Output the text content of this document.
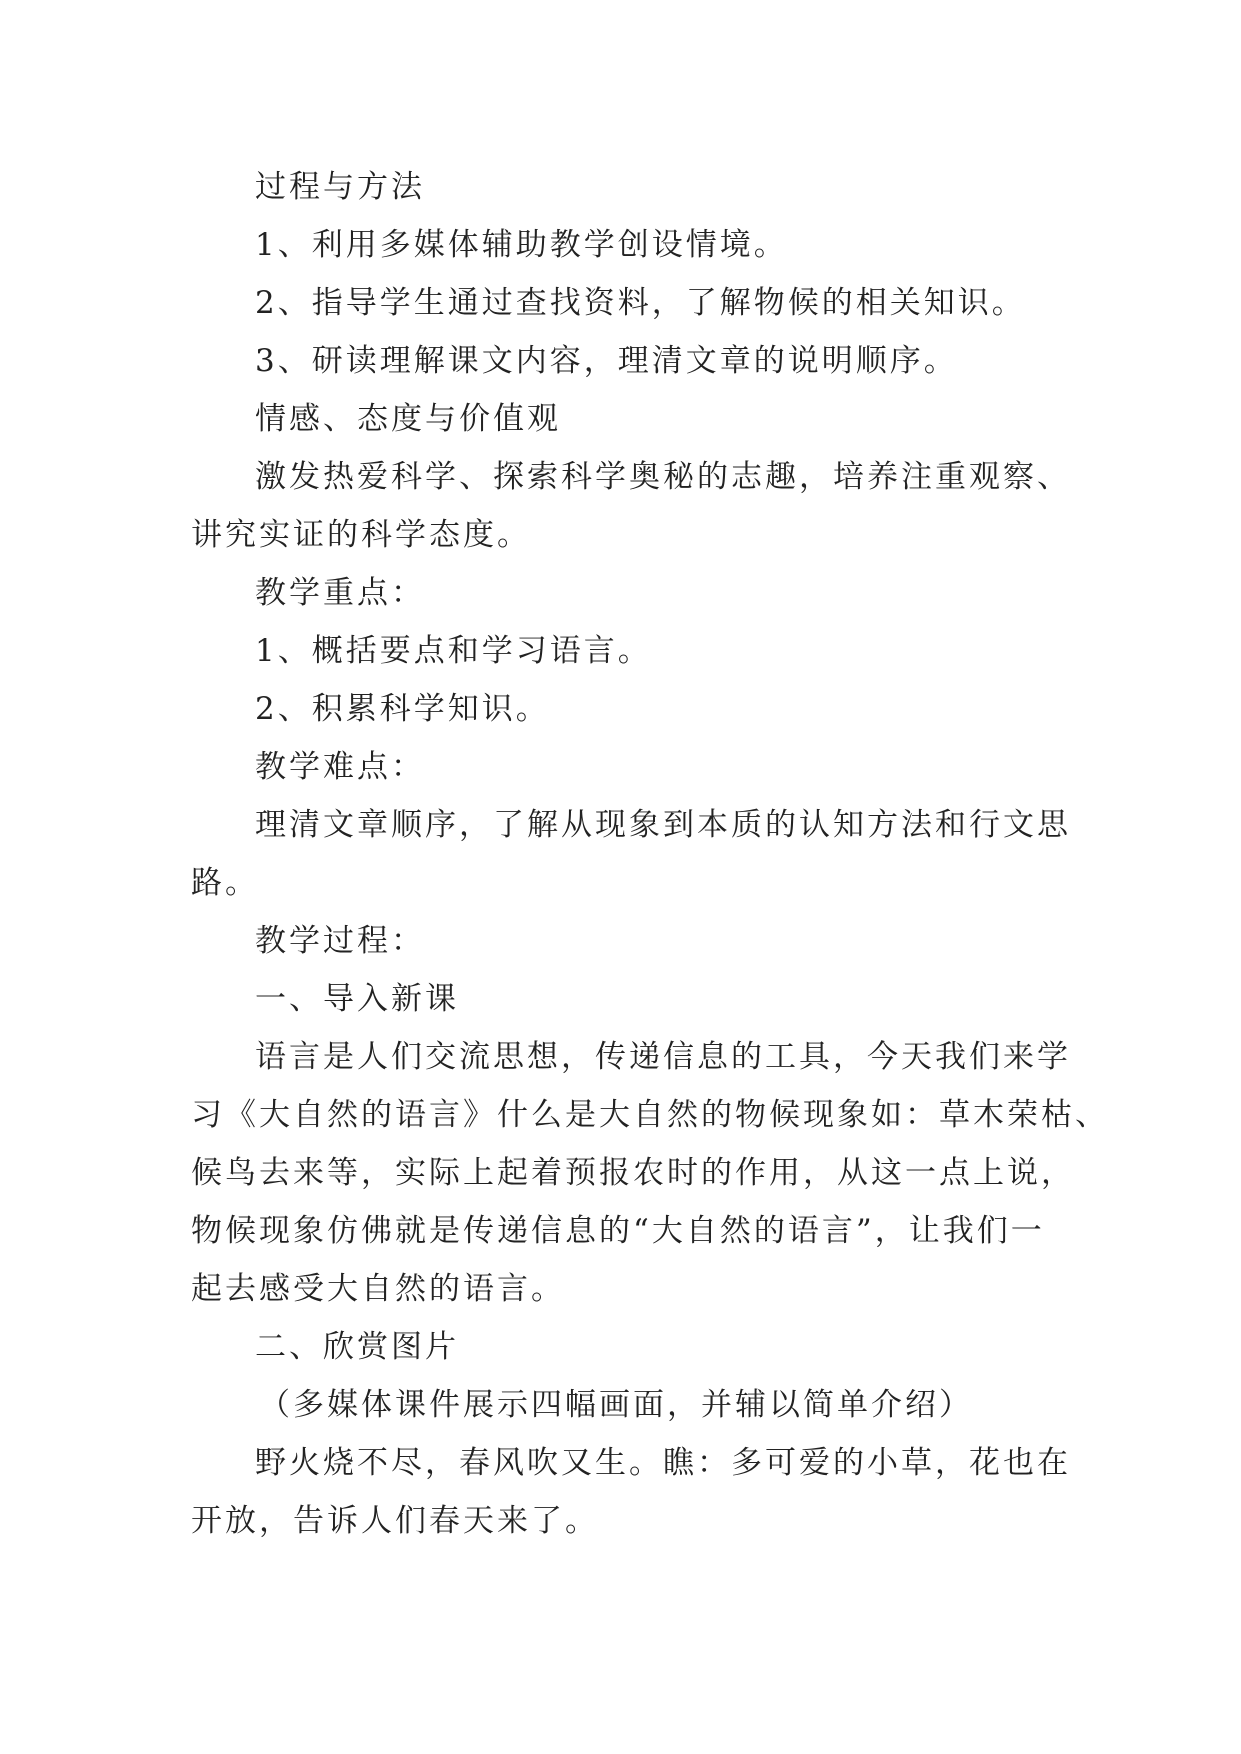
过程与方法
1、利用多媒体辅助教学创设情境。
2、指导学生通过查找资料，了解物候的相关知识。
3、研读理解课文内容，理清文章的说明顺序。
情感、态度与价值观
激发热爱科学、探索科学奥秘的志趣，培养注重观察、
讲究实证的科学态度。
教学重点：
1、概括要点和学习语言。
2、积累科学知识。
教学难点：
理清文章顺序，了解从现象到本质的认知方法和行文思
路。
教学过程：
一、导入新课
语言是人们交流思想，传递信息的工具，今天我们来学
习《大自然的语言》什么是大自然的物候现象如：草木荣枯、
候鸟去来等，实际上起着预报农时的作用，从这一点上说，
物候现象仿佛就是传递信息的“大自然的语言”，让我们一
起去感受大自然的语言。
二、欣赏图片
（多媒体课件展示四幅画面，并辅以简单介绍）
野火烧不尽，春风吹又生。瞧：多可爱的小草，花也在
开放，告诉人们春天来了。
